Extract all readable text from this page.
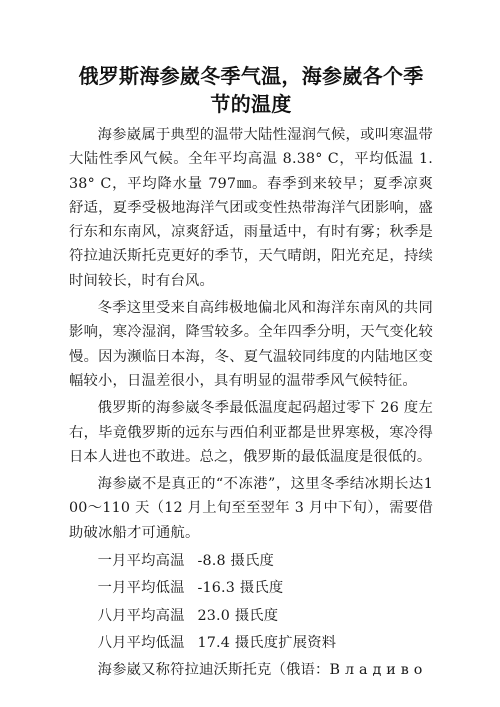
俄罗斯海参崴冬季气温，海参崴各个季节的温度

海参崴属于典型的温带大陆性湿润气候，或叫寒温带大陆性季风气候。全年平均高温 8.38° C，平均低温 1.38° C，平均降水量 797㎜。春季到来较早；夏季凉爽舒适，夏季受极地海洋气团或变性热带海洋气团影响，盛行东和东南风，凉爽舒适，雨量适中，有时有雾；秋季是符拉迪沃斯托克更好的季节，天气晴朗，阳光充足，持续时间较长，时有台风。

冬季这里受来自高纬极地偏北风和海洋东南风的共同影响，寒冷湿润，降雪较多。全年四季分明，天气变化较慢。因为濒临日本海，冬、夏气温较同纬度的内陆地区变幅较小，日温差很小，具有明显的温带季风气候特征。

俄罗斯的海参崴冬季最低温度起码超过零下 26 度左右，毕竟俄罗斯的远东与西伯利亚都是世界寒极，寒冷得日本人进也不敢进。总之，俄罗斯的最低温度是很低的。

海参崴不是真正的“不冻港”，这里冬季结冰期长达100～110 天（12 月上旬至至翌年 3 月中下旬），需要借助破冰船才可通航。

一月平均高温 -8.8 摄氏度
一月平均低温 -16.3 摄氏度
八月平均高温 23.0 摄氏度
八月平均低温 17.4 摄氏度扩展资料

海参崴又称符拉迪沃斯托克（俄语：В л а д и в о
